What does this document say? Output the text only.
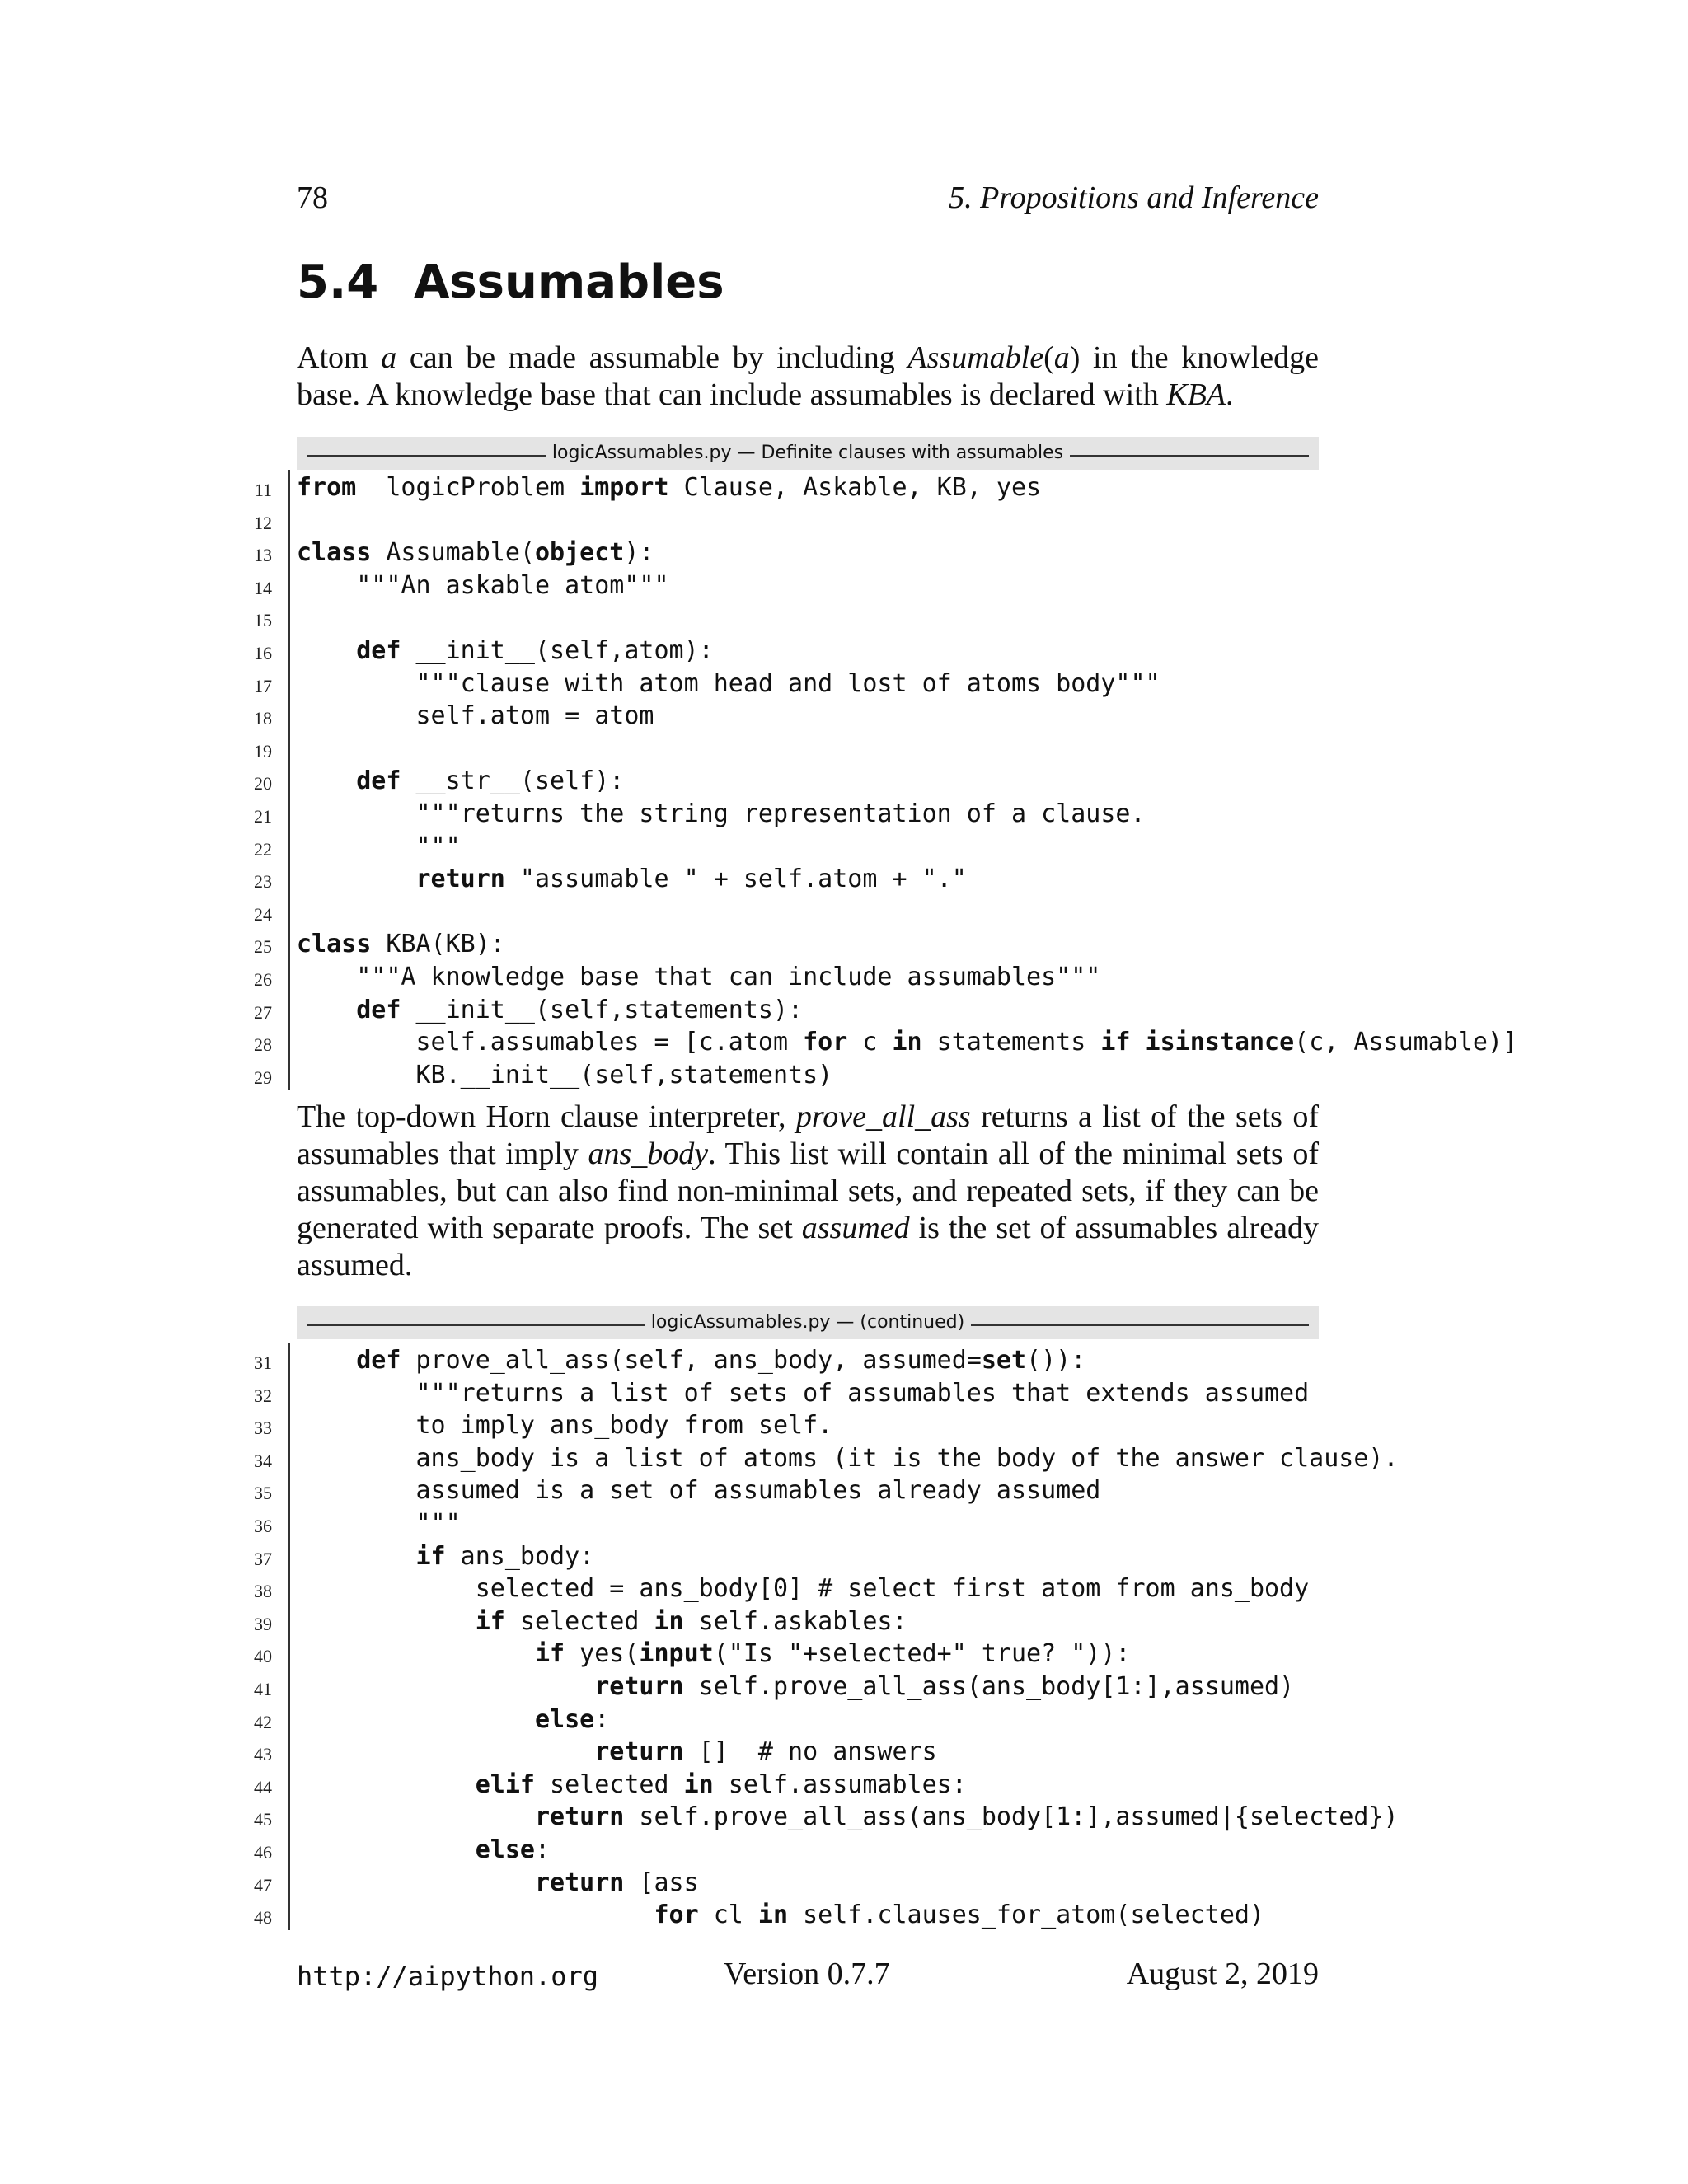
78	5. Propositions and Inference
5.4 Assumables

Atom a can be made assumable by including Assumable(a) in the knowledge base. A knowledge base that can include assumables is declared with KBA.

logicAssumables.py — Definite clauses with assumables
11 from  logicProblem import Clause, Askable, KB, yes
12
13 class Assumable(object):
14 """An askable atom"""
15
16	def __init__(self,atom):
17 """clause with atom head and lost of atoms body"""
18 self.atom = atom
19
20	def __str__(self):
21 """returns the string representation of a clause.
22 """
23	return "assumable " + self.atom + "."
24
25 class KBA(KB):
26 """A knowledge base that can include assumables"""
27	def __init__(self,statements):
28 self.assumables = [c.atom for c in statements if isinstance(c, Assumable)]
29 KB.__init__(self,statements)

The top-down Horn clause interpreter, prove_all_ass returns a list of the sets of assumables that imply ans_body. This list will contain all of the minimal sets of assumables, but can also find non-minimal sets, and repeated sets, if they can be generated with separate proofs. The set assumed is the set of assumables already assumed.

logicAssumables.py — (continued)
31	def prove_all_ass(self, ans_body, assumed=set()):
32 """returns a list of sets of assumables that extends assumed
33 to imply ans_body from self.
34 ans_body is a list of atoms (it is the body of the answer clause).
35 assumed is a set of assumables already assumed
36 """
37	if ans_body:
38 selected = ans_body[0] # select first atom from ans_body
39	if selected in self.askables:
40	if yes(input("Is "+selected+" true? ")):
41	return self.prove_all_ass(ans_body[1:],assumed)
42	else:
43	return []  # no answers
44	elif selected in self.assumables:
45	return self.prove_all_ass(ans_body[1:],assumed|{selected})
46	else:
47	return [ass
48	for cl in self.clauses_for_atom(selected)
http://aipython.org	Version 0.7.7	August 2, 2019
